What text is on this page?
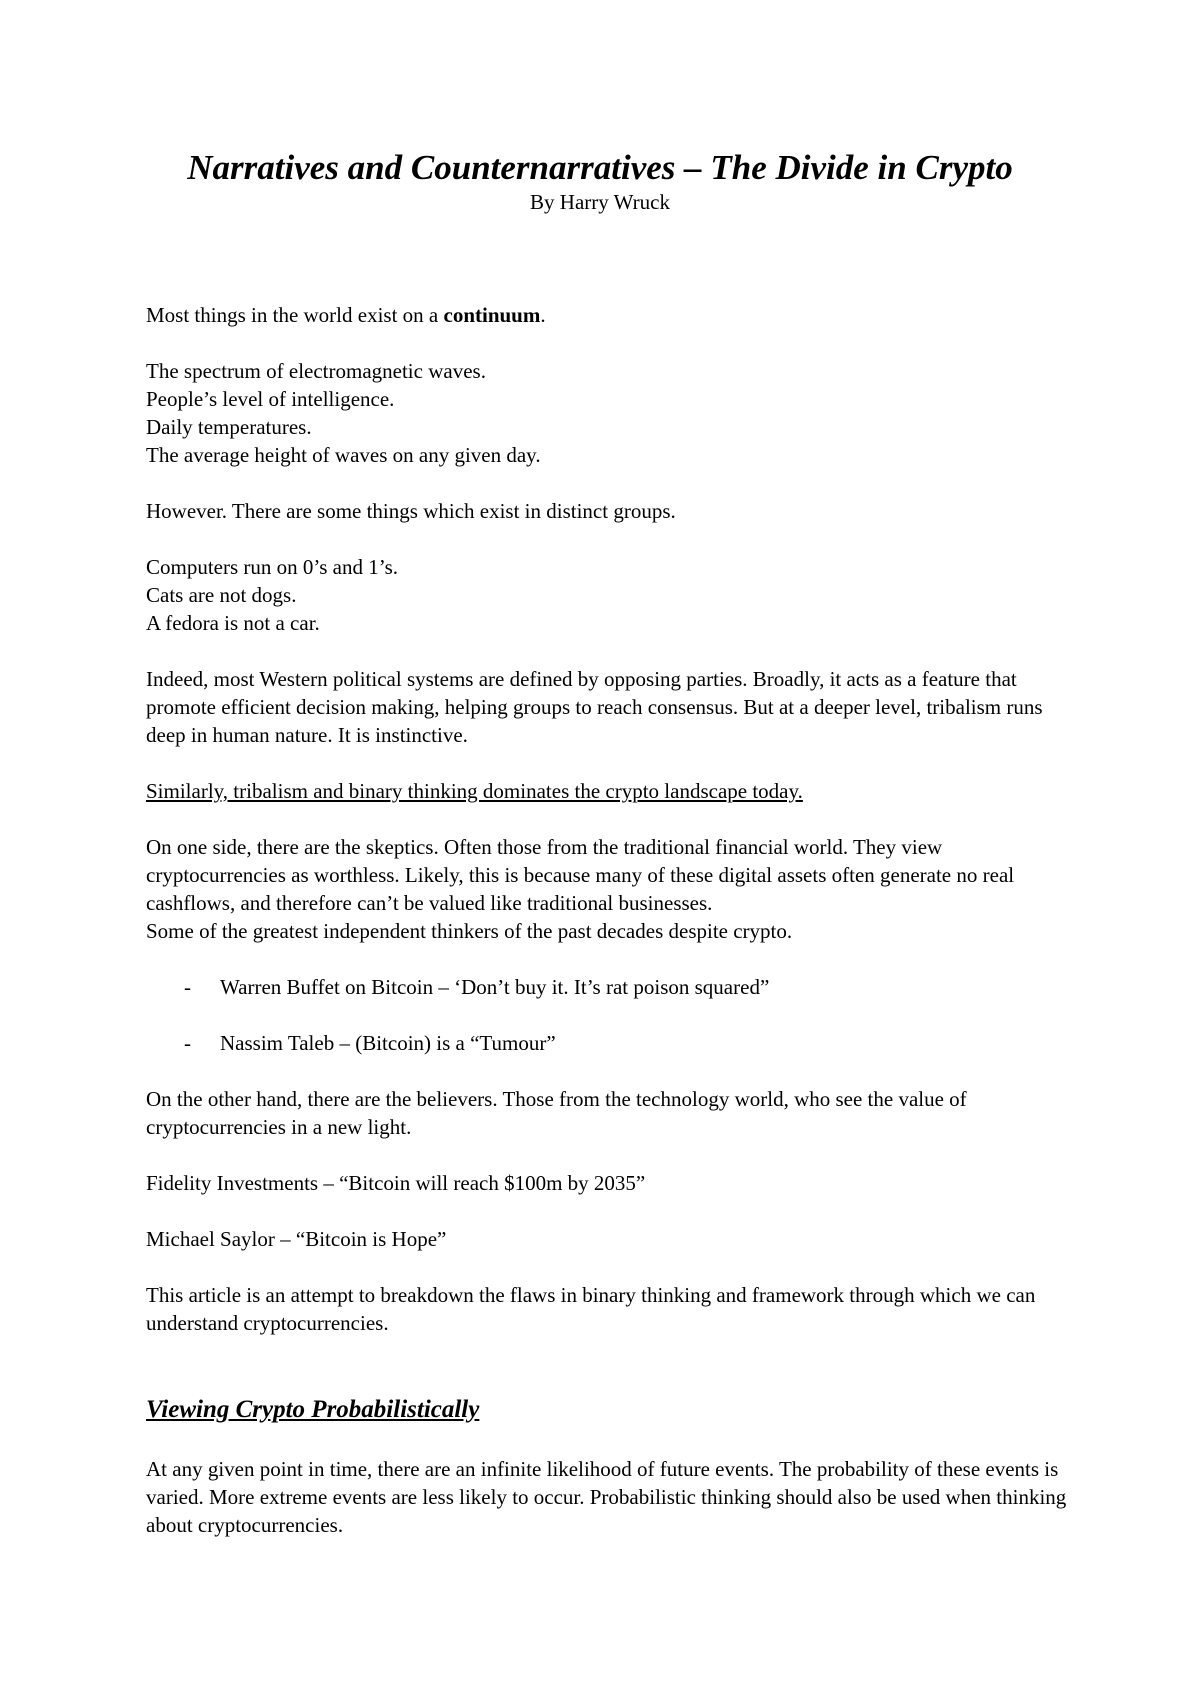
Narratives and Counternarratives – The Divide in Crypto
By Harry Wruck

Most things in the world exist on a continuum.

The spectrum of electromagnetic waves.
People’s level of intelligence.
Daily temperatures.
The average height of waves on any given day.

However. There are some things which exist in distinct groups.

Computers run on 0’s and 1’s.
Cats are not dogs.
A fedora is not a car.

Indeed, most Western political systems are defined by opposing parties. Broadly, it acts as a feature that promote efficient decision making, helping groups to reach consensus. But at a deeper level, tribalism runs deep in human nature. It is instinctive.

Similarly, tribalism and binary thinking dominates the crypto landscape today.

On one side, there are the skeptics. Often those from the traditional financial world. They view cryptocurrencies as worthless. Likely, this is because many of these digital assets often generate no real cashflows, and therefore can’t be valued like traditional businesses.
Some of the greatest independent thinkers of the past decades despite crypto.

- Warren Buffet on Bitcoin – ‘Don’t buy it. It’s rat poison squared”
- Nassim Taleb – (Bitcoin) is a “Tumour”

On the other hand, there are the believers. Those from the technology world, who see the value of cryptocurrencies in a new light.

Fidelity Investments – “Bitcoin will reach $100m by 2035”

Michael Saylor – “Bitcoin is Hope”

This article is an attempt to breakdown the flaws in binary thinking and framework through which we can understand cryptocurrencies.

Viewing Crypto Probabilistically

At any given point in time, there are an infinite likelihood of future events. The probability of these events is varied. More extreme events are less likely to occur. Probabilistic thinking should also be used when thinking about cryptocurrencies.
